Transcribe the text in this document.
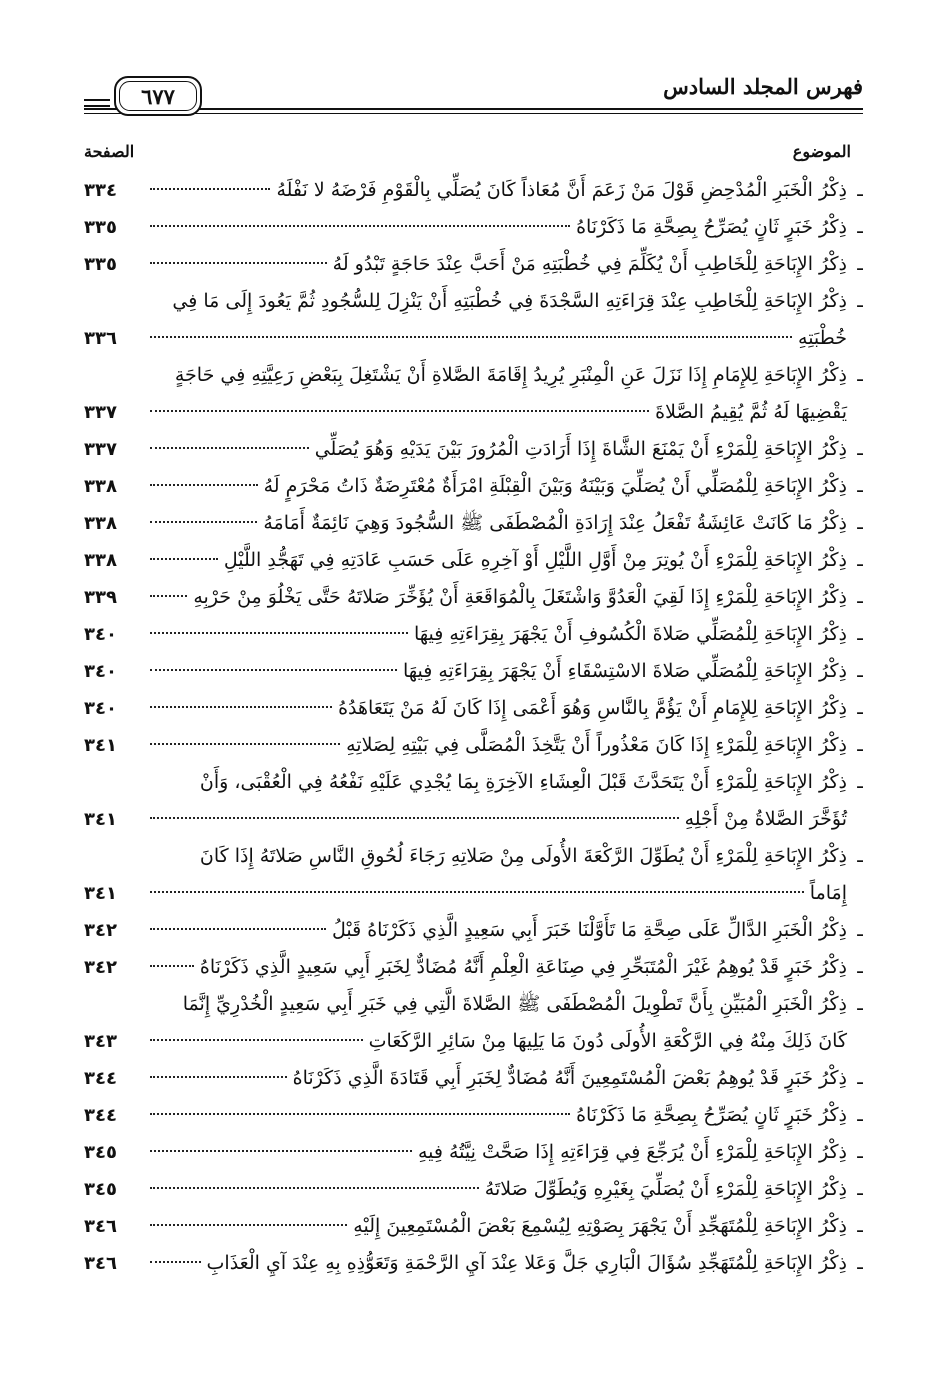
فهرس المجلد السادس
٦٧٧
الموضوع
الصفحة
ـ
ذِكْرُ الْخَبَرِ الْمُدْحِضِ قَوْلَ مَنْ زَعَمَ أَنَّ مُعَاذاً كَانَ يُصَلِّي بِالْقَوْمِ فَرْضَهُ لا نَفْلَهُ
٣٣٤
ـ
ذِكْرُ خَبَرٍ ثَانٍ يُصَرِّحُ بِصِحَّةِ مَا ذَكَرْنَاهُ
٣٣٥
ـ
ذِكْرُ الإِبَاحَةِ لِلْخَاطِبِ أَنْ يُكَلِّمَ فِي خُطْبَتِهِ مَنْ أَحَبَّ عِنْدَ حَاجَةٍ تَبْدُو لَهُ
٣٣٥
ـ
ذِكْرُ الإِبَاحَةِ لِلْخَاطِبِ عِنْدَ قِرَاءَتِهِ السَّجْدَةَ فِي خُطْبَتِهِ أَنْ يَنْزِلَ لِلسُّجُودِ ثُمَّ يَعُودَ إِلَى مَا فِي
خُطْبَتِهِ
٣٣٦
ـ
ذِكْرُ الإِبَاحَةِ لِلإِمَامِ إِذَا نَزَلَ عَنِ الْمِنْبَرِ يُرِيدُ إِقَامَةَ الصَّلاةِ أَنْ يَشْتَغِلَ بِبَعْضِ رَعِيَّتِهِ فِي حَاجَةٍ
يَقْضِيهَا لَهُ ثُمَّ يُقِيمُ الصَّلاةَ
٣٣٧
ـ
ذِكْرُ الإِبَاحَةِ لِلْمَرْءِ أَنْ يَمْنَعَ الشَّاةَ إِذَا أَرَادَتِ الْمُرُورَ بَيْنَ يَدَيْهِ وَهُوَ يُصَلِّي
٣٣٧
ـ
ذِكْرُ الإِبَاحَةِ لِلْمُصَلِّي أَنْ يُصَلِّيَ وَبَيْنَهُ وَبَيْنَ الْقِبْلَةِ امْرَأَةٌ مُعْتَرِضَةٌ ذَاتُ مَحْرَمٍ لَهُ
٣٣٨
ـ
ذِكْرُ مَا كَانَتْ عَائِشَةُ تَفْعَلُ عِنْدَ إِرَادَةِ الْمُصْطَفَى ﷺ السُّجُودَ وَهِيَ نَائِمَةٌ أَمَامَهُ
٣٣٨
ـ
ذِكْرُ الإِبَاحَةِ لِلْمَرْءِ أَنْ يُوتِرَ مِنْ أَوَّلِ اللَّيْلِ أَوْ آخِرِهِ عَلَى حَسَبِ عَادَتِهِ فِي تَهَجُّدِ اللَّيْلِ
٣٣٨
ـ
ذِكْرُ الإِبَاحَةِ لِلْمَرْءِ إِذَا لَقِيَ الْعَدُوَّ وَاشْتَغَلَ بِالْمُوَاقَعَةِ أَنْ يُؤَخِّرَ صَلاتَهُ حَتَّى يَخْلُوَ مِنْ حَرْبِهِ
٣٣٩
ـ
ذِكْرُ الإِبَاحَةِ لِلْمُصَلِّي صَلاةَ الْكُسُوفِ أَنْ يَجْهَرَ بِقِرَاءَتِهِ فِيهَا
٣٤٠
ـ
ذِكْرُ الإِبَاحَةِ لِلْمُصَلِّي صَلاةَ الاسْتِسْقَاءِ أَنْ يَجْهَرَ بِقِرَاءَتِهِ فِيهَا
٣٤٠
ـ
ذِكْرُ الإِبَاحَةِ لِلإِمَامِ أَنْ يَؤُمَّ بِالنَّاسِ وَهُوَ أَعْمَى إِذَا كَانَ لَهُ مَنْ يَتَعَاهَدُهُ
٣٤٠
ـ
ذِكْرُ الإِبَاحَةِ لِلْمَرْءِ إِذَا كَانَ مَعْذُوراً أَنْ يَتَّخِذَ الْمُصَلَّى فِي بَيْتِهِ لِصَلاتِهِ
٣٤١
ـ
ذِكْرُ الإِبَاحَةِ لِلْمَرْءِ أَنْ يَتَحَدَّثَ قَبْلَ الْعِشَاءِ الآخِرَةِ بِمَا يُجْدِي عَلَيْهِ نَفْعُهُ فِي الْعُقْبَى، وَأَنْ
تُؤَخَّرَ الصَّلاةُ مِنْ أَجْلِهِ
٣٤١
ـ
ذِكْرُ الإِبَاحَةِ لِلْمَرْءِ أَنْ يُطَوِّلَ الرَّكْعَةَ الأُولَى مِنْ صَلاتِهِ رَجَاءَ لُحُوقِ النَّاسِ صَلاتَهُ إِذَا كَانَ
إِمَاماً
٣٤١
ـ
ذِكْرُ الْخَبَرِ الدَّالِّ عَلَى صِحَّةِ مَا تَأَوَّلْنَا خَبَرَ أَبِي سَعِيدٍ الَّذِي ذَكَرْنَاهُ قَبْلُ
٣٤٢
ـ
ذِكْرُ خَبَرٍ قَدْ يُوهِمُ غَيْرَ الْمُتَبَحِّرِ فِي صِنَاعَةِ الْعِلْمِ أَنَّهُ مُضَادٌّ لِخَبَرِ أَبِي سَعِيدٍ الَّذِي ذَكَرْنَاهُ
٣٤٢
ـ
ذِكْرُ الْخَبَرِ الْمُبَيِّنِ بِأَنَّ تَطْوِيلَ الْمُصْطَفَى ﷺ الصَّلاةَ الَّتِي فِي خَبَرِ أَبِي سَعِيدٍ الْخُدْرِيِّ إِنَّمَا
كَانَ ذَلِكَ مِنْهُ فِي الرَّكْعَةِ الأُولَى دُونَ مَا يَلِيهَا مِنْ سَائِرِ الرَّكَعَاتِ
٣٤٣
ـ
ذِكْرُ خَبَرٍ قَدْ يُوهِمُ بَعْضَ الْمُسْتَمِعِينَ أَنَّهُ مُضَادٌّ لِخَبَرِ أَبِي قَتَادَةَ الَّذِي ذَكَرْنَاهُ
٣٤٤
ـ
ذِكْرُ خَبَرٍ ثَانٍ يُصَرِّحُ بِصِحَّةِ مَا ذَكَرْنَاهُ
٣٤٤
ـ
ذِكْرُ الإِبَاحَةِ لِلْمَرْءِ أَنْ يُرَجِّعَ فِي قِرَاءَتِهِ إِذَا صَحَّتْ نِيَّتُهُ فِيهِ
٣٤٥
ـ
ذِكْرُ الإِبَاحَةِ لِلْمَرْءِ أَنْ يُصَلِّيَ بِغَيْرِهِ وَيُطَوِّلَ صَلاتَهُ
٣٤٥
ـ
ذِكْرُ الإِبَاحَةِ لِلْمُتَهَجِّدِ أَنْ يَجْهَرَ بِصَوْتِهِ لِيُسْمِعَ بَعْضَ الْمُسْتَمِعِينَ إِلَيْهِ
٣٤٦
ـ
ذِكْرُ الإِبَاحَةِ لِلْمُتَهَجِّدِ سُؤَالَ الْبَارِي جَلَّ وَعَلا عِنْدَ آيِ الرَّحْمَةِ وَتَعَوُّذِهِ بِهِ عِنْدَ آيِ الْعَذَابِ
٣٤٦
